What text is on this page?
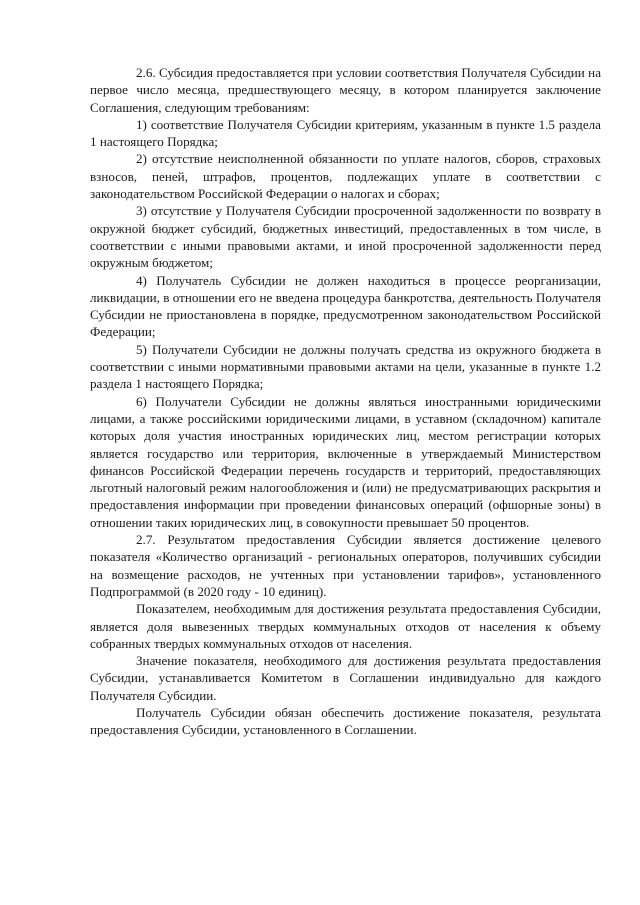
2.6. Субсидия предоставляется при условии соответствия Получателя Субсидии на первое число месяца, предшествующего месяцу, в котором планируется заключение Соглашения, следующим требованиям:

1) соответствие Получателя Субсидии критериям, указанным в пункте 1.5 раздела 1 настоящего Порядка;

2) отсутствие неисполненной обязанности по уплате налогов, сборов, страховых взносов, пеней, штрафов, процентов, подлежащих уплате в соответствии с законодательством Российской Федерации о налогах и сборах;

3) отсутствие у Получателя Субсидии просроченной задолженности по возврату в окружной бюджет субсидий, бюджетных инвестиций, предоставленных в том числе, в соответствии с иными правовыми актами, и иной просроченной задолженности перед окружным бюджетом;

4) Получатель Субсидии не должен находиться в процессе реорганизации, ликвидации, в отношении его не введена процедура банкротства, деятельность Получателя Субсидии не приостановлена в порядке, предусмотренном законодательством Российской Федерации;

5) Получатели Субсидии не должны получать средства из окружного бюджета в соответствии с иными нормативными правовыми актами на цели, указанные в пункте 1.2 раздела 1 настоящего Порядка;

6) Получатели Субсидии не должны являться иностранными юридическими лицами, а также российскими юридическими лицами, в уставном (складочном) капитале которых доля участия иностранных юридических лиц, местом регистрации которых является государство или территория, включенные в утверждаемый Министерством финансов Российской Федерации перечень государств и территорий, предоставляющих льготный налоговый режим налогообложения и (или) не предусматривающих раскрытия и предоставления информации при проведении финансовых операций (офшорные зоны) в отношении таких юридических лиц, в совокупности превышает 50 процентов.

2.7. Результатом предоставления Субсидии является достижение целевого показателя «Количество организаций - региональных операторов, получивших субсидии на возмещение расходов, не учтенных при установлении тарифов», установленного Подпрограммой (в 2020 году - 10 единиц).

Показателем, необходимым для достижения результата предоставления Субсидии, является доля вывезенных твердых коммунальных отходов от населения к объему собранных твердых коммунальных отходов от населения.

Значение показателя, необходимого для достижения результата предоставления Субсидии, устанавливается Комитетом в Соглашении индивидуально для каждого Получателя Субсидии.

Получатель Субсидии обязан обеспечить достижение показателя, результата предоставления Субсидии, установленного в Соглашении.
